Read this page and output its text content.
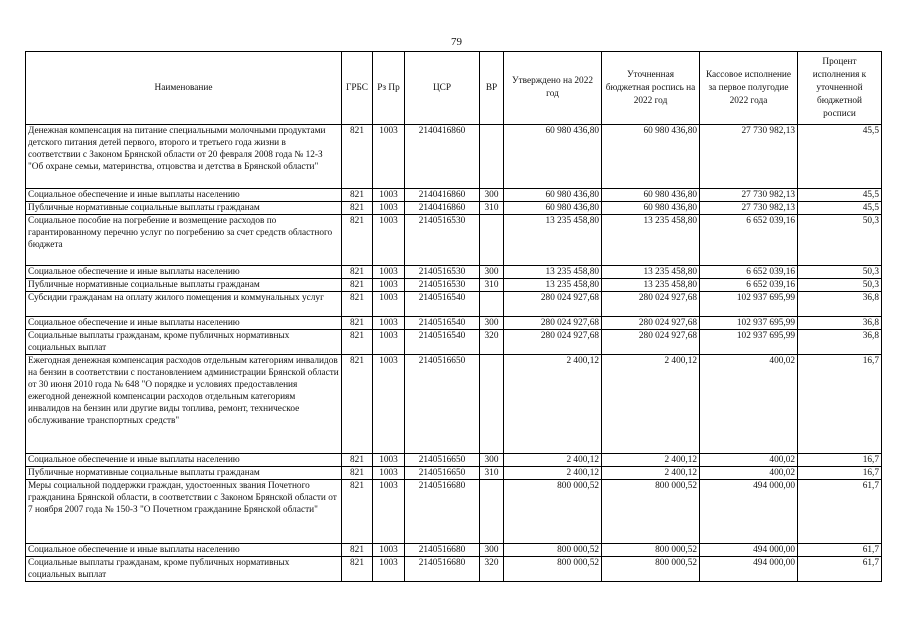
79
Наименование	ГРБС	Рз Пр	ЦСР	ВР	Утверждено на 2022 год	Уточненная бюджетная роспись на 2022 год	Кассовое исполнение за первое полугодие 2022 года	Процент исполнения к уточненной бюджетной росписи
Денежная компенсация на питание специальными молочными продуктами детского питания детей первого, второго и третьего года жизни в соответствии с Законом Брянской области от 20 февраля 2008 года № 12-З "Об охране семьи, материнства, отцовства и детства в Брянской области"	821	1003	2140416860		60 980 436,80	60 980 436,80	27 730 982,13	45,5
Социальное обеспечение и иные выплаты населению	821	1003	2140416860	300	60 980 436,80	60 980 436,80	27 730 982,13	45,5
Публичные нормативные социальные выплаты гражданам	821	1003	2140416860	310	60 980 436,80	60 980 436,80	27 730 982,13	45,5
Социальное пособие на погребение и возмещение расходов по гарантированному перечню услуг по погребению за счет средств областного бюджета	821	1003	2140516530		13 235 458,80	13 235 458,80	6 652 039,16	50,3
Социальное обеспечение и иные выплаты населению	821	1003	2140516530	300	13 235 458,80	13 235 458,80	6 652 039,16	50,3
Публичные нормативные социальные выплаты гражданам	821	1003	2140516530	310	13 235 458,80	13 235 458,80	6 652 039,16	50,3
Субсидии гражданам на оплату жилого помещения и коммунальных услуг	821	1003	2140516540		280 024 927,68	280 024 927,68	102 937 695,99	36,8
Социальное обеспечение и иные выплаты населению	821	1003	2140516540	300	280 024 927,68	280 024 927,68	102 937 695,99	36,8
Социальные выплаты гражданам, кроме публичных нормативных социальных выплат	821	1003	2140516540	320	280 024 927,68	280 024 927,68	102 937 695,99	36,8
Ежегодная денежная компенсация расходов отдельным категориям инвалидов на бензин в соответствии с постановлением администрации Брянской области от 30 июня 2010 года № 648 "О порядке и условиях предоставления ежегодной денежной компенсации расходов отдельным категориям инвалидов на бензин или другие виды топлива, ремонт, техническое обслуживание транспортных средств"	821	1003	2140516650		2 400,12	2 400,12	400,02	16,7
Социальное обеспечение и иные выплаты населению	821	1003	2140516650	300	2 400,12	2 400,12	400,02	16,7
Публичные нормативные социальные выплаты гражданам	821	1003	2140516650	310	2 400,12	2 400,12	400,02	16,7
Меры социальной поддержки граждан, удостоенных звания Почетного гражданина Брянской области, в соответствии с Законом Брянской области от 7 ноября 2007 года № 150-З "О Почетном гражданине Брянской области"	821	1003	2140516680		800 000,52	800 000,52	494 000,00	61,7
Социальное обеспечение и иные выплаты населению	821	1003	2140516680	300	800 000,52	800 000,52	494 000,00	61,7
Социальные выплаты гражданам, кроме публичных нормативных социальных выплат	821	1003	2140516680	320	800 000,52	800 000,52	494 000,00	61,7
